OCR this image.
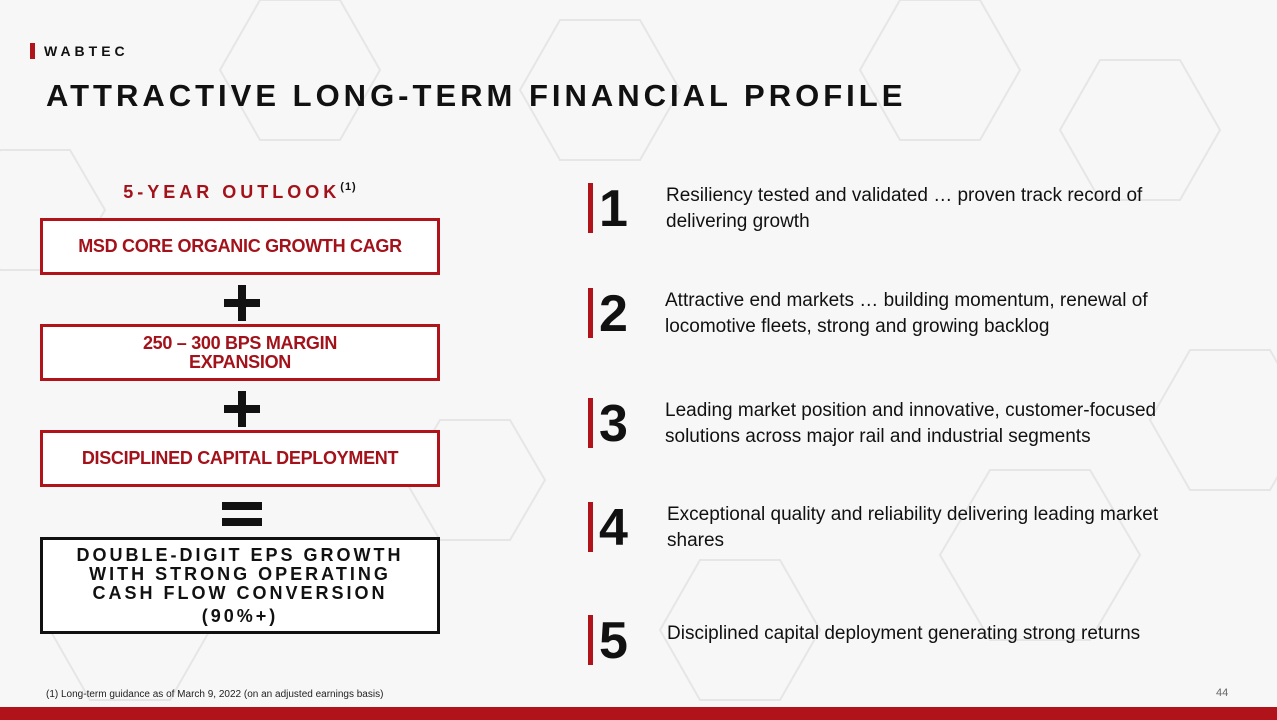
WABTEC
ATTRACTIVE LONG-TERM FINANCIAL PROFILE
5-YEAR OUTLOOK$^{(1)}$
MSD CORE ORGANIC GROWTH CAGR
250 – 300 BPS MARGIN
EXPANSION
DISCIPLINED CAPITAL DEPLOYMENT
DOUBLE-DIGIT EPS GROWTH
WITH STRONG OPERATING
CASH FLOW CONVERSION
(90%+)
1 Resiliency tested and validated … proven track record of
delivering growth
2 Attractive end markets … building momentum, renewal of
locomotive fleets, strong and growing backlog
3 Leading market position and innovative, customer-focused
solutions across major rail and industrial segments
4 Exceptional quality and reliability delivering leading market
shares
5 Disciplined capital deployment generating strong returns
(1) Long-term guidance as of March 9, 2022 (on an adjusted earnings basis)	44
